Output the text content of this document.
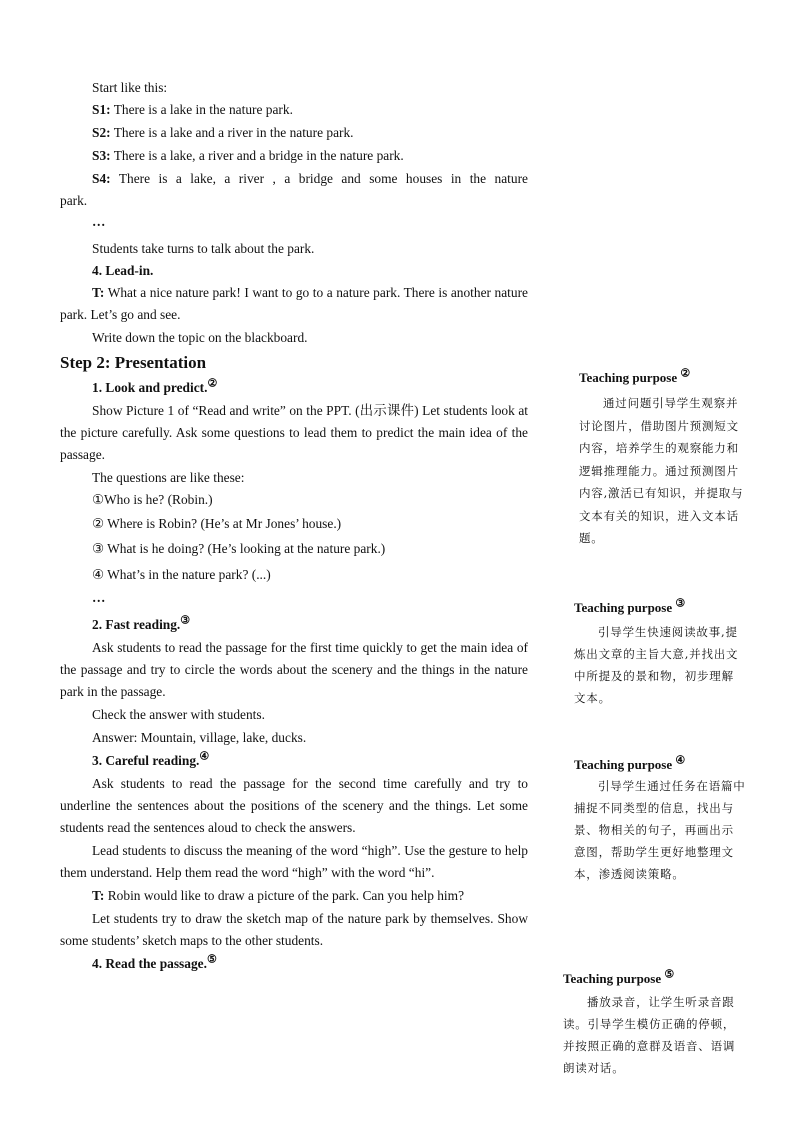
Start like this:

S1: There is a lake in the nature park.

S2: There is a lake and a river in the nature park.

S3: There is a lake, a river and a bridge in the nature park.

S4: There is a lake, a river , a bridge and some houses in the nature park.

…

Students take turns to talk about the park.

4. Lead-in.

T: What a nice nature park! I want to go to a nature park. There is another nature park. Let’s go and see.

Write down the topic on the blackboard.

Step 2: Presentation

1. Look and predict.②

Show Picture 1 of “Read and write” on the PPT. (出示课件) Let students look at the picture carefully. Ask some questions to lead them to predict the main idea of the passage.

The questions are like these:

①Who is he? (Robin.)

② Where is Robin? (He’s at Mr Jones’ house.)

③ What is he doing? (He’s looking at the nature park.)

④ What’s in the nature park? (...)

…

2. Fast reading.③

Ask students to read the passage for the first time quickly to get the main idea of the passage and try to circle the words about the scenery and the things in the nature park in the passage.

Check the answer with students.

Answer: Mountain, village, lake, ducks.

3. Careful reading.④

Ask students to read the passage for the second time carefully and try to underline the sentences about the positions of the scenery and the things. Let some students read the sentences aloud to check the answers.

Lead students to discuss the meaning of the word “high”. Use the gesture to help them understand. Help them read the word “high” with the word “hi”.

T: Robin would like to draw a picture of the park. Can you help him?

Let students try to draw the sketch map of the nature park by themselves. Show some students’ sketch maps to the other students.

4. Read the passage.⑤

Teaching purpose ②
通过问题引导学生观察并讨论图片，借助图片预测短文内容，培养学生的观察能力和逻辑推理能力。通过预测图片内容,激活已有知识，并提取与文本有关的知识，进入文本话题。
Teaching purpose ③
引导学生快速阅读故事,提炼出文章的主旨大意,并找出文中所提及的景和物，初步理解文本。
Teaching purpose ④
引导学生通过任务在语篇中捕捉不同类型的信息，找出与景、物相关的句子，再画出示意图，帮助学生更好地整理文本，渗透阅读策略。
Teaching purpose ⑤
播放录音，让学生听录音跟读。引导学生模仿正确的停顿，并按照正确的意群及语音、语调朗读对话。
